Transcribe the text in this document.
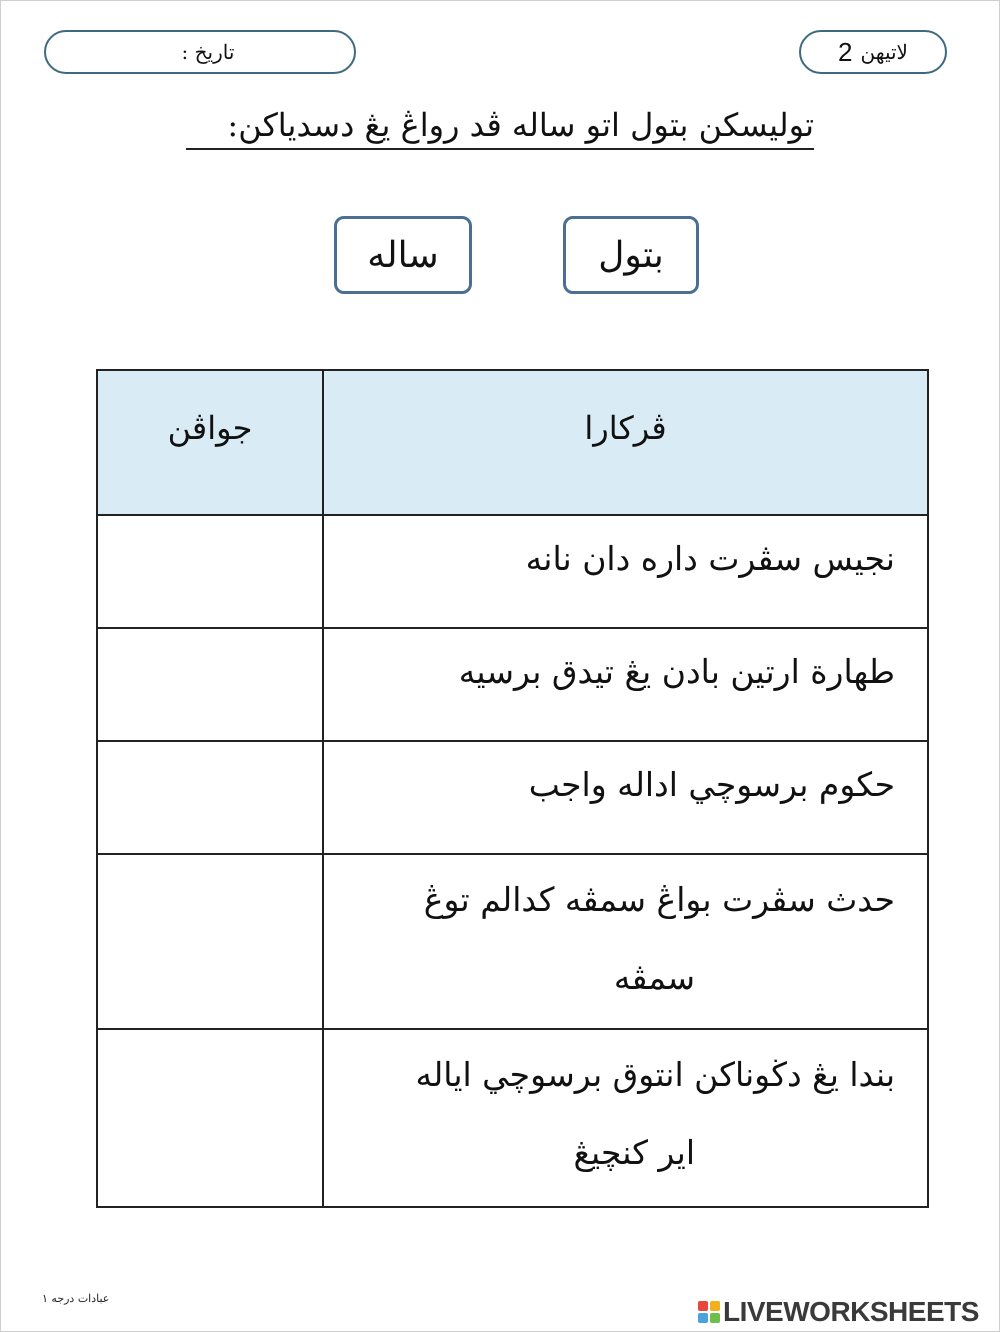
تاريخ :	لاتيهن
2
توليسكن بتول اتو ساله ڤد رواڠ يڠ دسدياكن:
بتول
ساله
جواڤن	ڤركارا

	نجيس سڤرت داره دان نانه

	طهارة ارتين بادن يڠ تيدق برسيه

	حکوم برسوچي اداله واجب

	حدث سڤرت بواڠ سمڤه کدالم توڠ
سمڤه

	بندا يڠ دڬوناکن انتوق برسوچي اياله
اير کنچيڠ
عبادات درجه ١	LIVEWORKSHEETS
